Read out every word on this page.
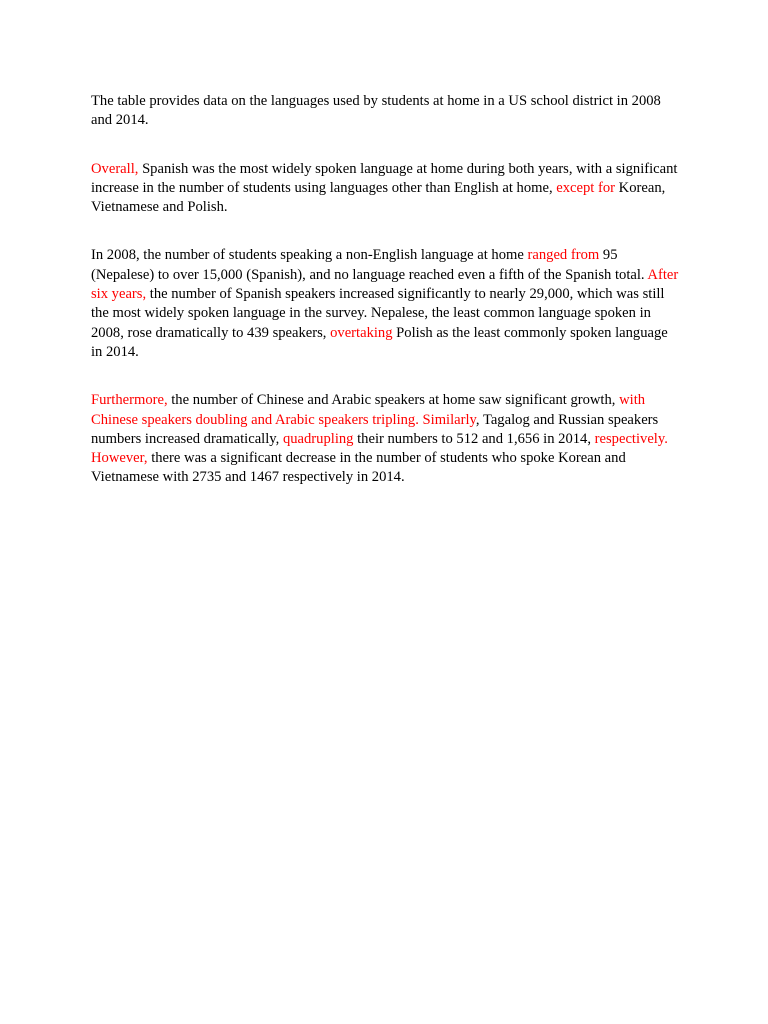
The table provides data on the languages used by students at home in a US school district in 2008 and 2014.

Overall, Spanish was the most widely spoken language at home during both years, with a significant increase in the number of students using languages other than English at home, except for Korean, Vietnamese and Polish.

In 2008, the number of students speaking a non-English language at home ranged from 95 (Nepalese) to over 15,000 (Spanish), and no language reached even a fifth of the Spanish total. After six years, the number of Spanish speakers increased significantly to nearly 29,000, which was still the most widely spoken language in the survey. Nepalese, the least common language spoken in 2008, rose dramatically to 439 speakers, overtaking Polish as the least commonly spoken language in 2014.

Furthermore, the number of Chinese and Arabic speakers at home saw significant growth, with Chinese speakers doubling and Arabic speakers tripling. Similarly, Tagalog and Russian speakers numbers increased dramatically, quadrupling their numbers to 512 and 1,656 in 2014, respectively. However, there was a significant decrease in the number of students who spoke Korean and Vietnamese with 2735 and 1467 respectively in 2014.
